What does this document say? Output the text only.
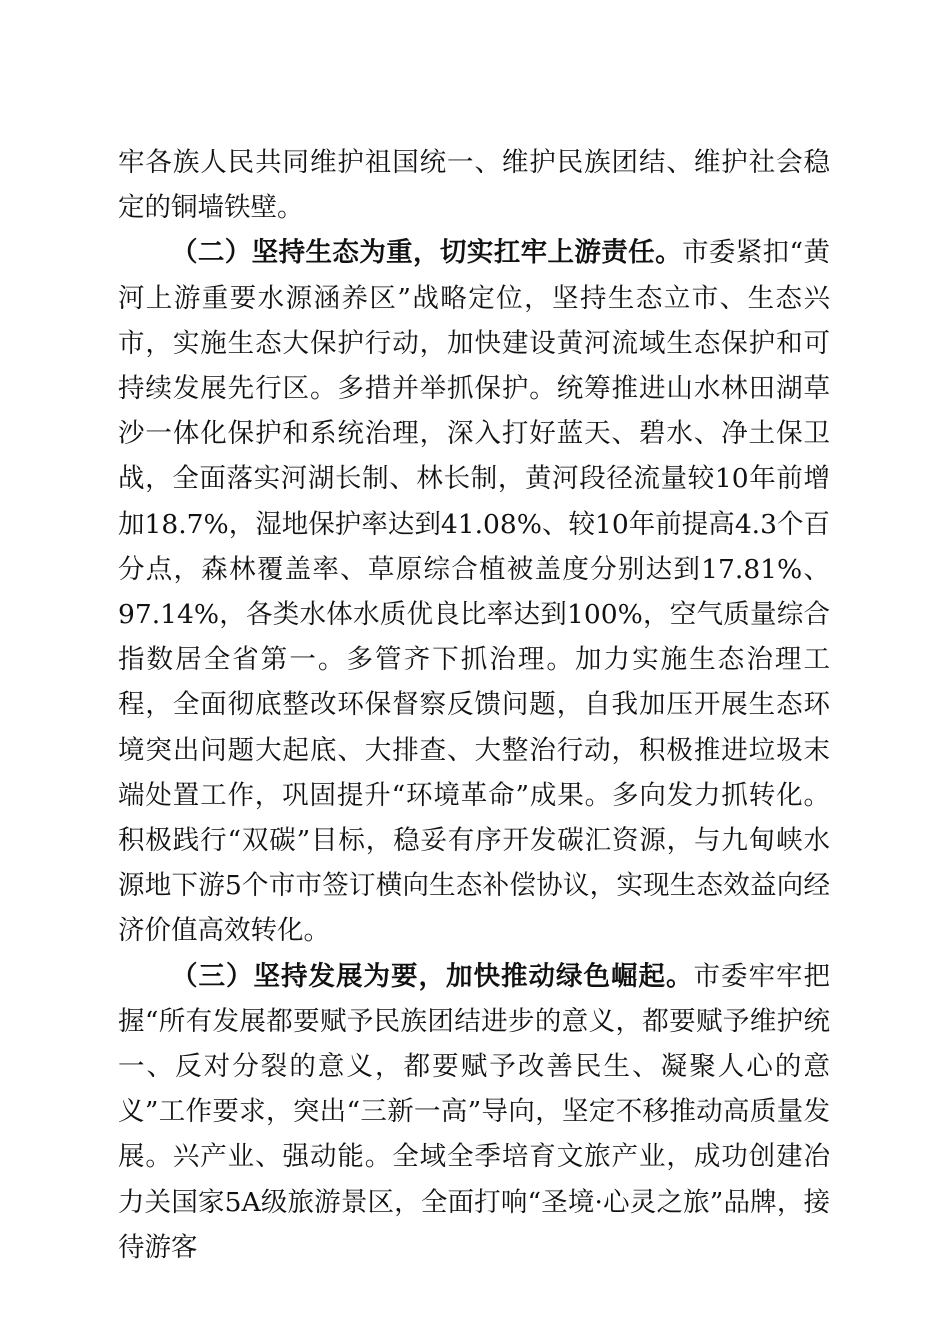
牢各族人民共同维护祖国统一、维护民族团结、维护社会稳定的铜墙铁壁。

（二）坚持生态为重，切实扛牢上游责任。市委紧扣“黄河上游重要水源涵养区”战略定位，坚持生态立市、生态兴市，实施生态大保护行动，加快建设黄河流域生态保护和可持续发展先行区。多措并举抓保护。统筹推进山水林田湖草沙一体化保护和系统治理，深入打好蓝天、碧水、净土保卫战，全面落实河湖长制、林长制，黄河段径流量较10年前增加18.7%，湿地保护率达到41.08%、较10年前提高4.3个百分点，森林覆盖率、草原综合植被盖度分别达到17.81%、97.14%，各类水体水质优良比率达到100%，空气质量综合指数居全省第一。多管齐下抓治理。加力实施生态治理工程，全面彻底整改环保督察反馈问题，自我加压开展生态环境突出问题大起底、大排查、大整治行动，积极推进垃圾末端处置工作，巩固提升“环境革命”成果。多向发力抓转化。积极践行“双碳”目标，稳妥有序开发碳汇资源，与九甸峡水源地下游5个市市签订横向生态补偿协议，实现生态效益向经济价值高效转化。

（三）坚持发展为要，加快推动绿色崛起。市委牢牢把握“所有发展都要赋予民族团结进步的意义，都要赋予维护统一、反对分裂的意义，都要赋予改善民生、凝聚人心的意义”工作要求，突出“三新一高”导向，坚定不移推动高质量发展。兴产业、强动能。全域全季培育文旅产业，成功创建冶力关国家5A级旅游景区，全面打响“圣境·心灵之旅”品牌，接待游客
